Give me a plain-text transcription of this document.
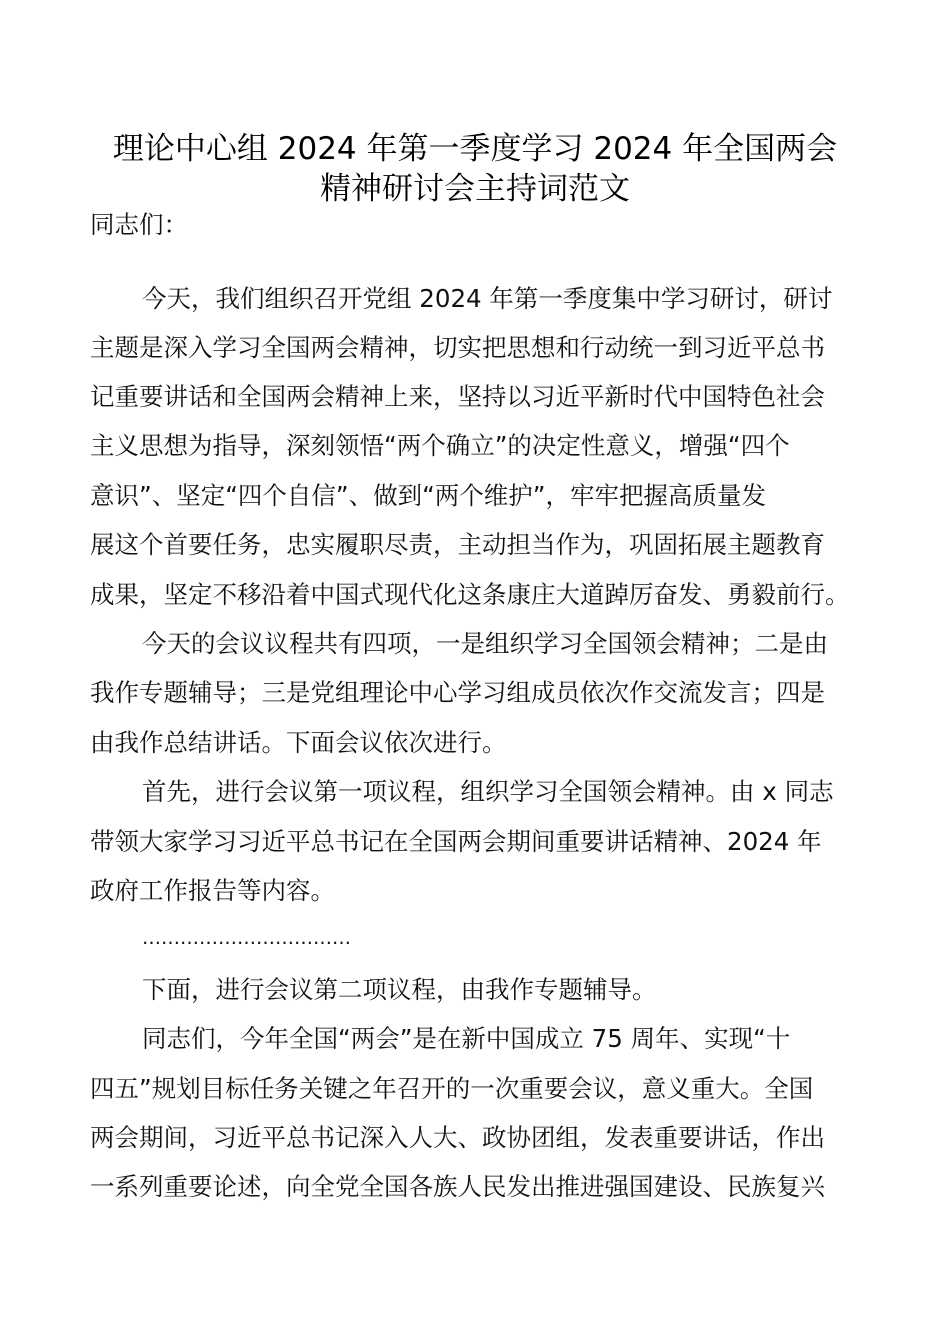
理论中心组 2024 年第一季度学习 2024 年全国两会
精神研讨会主持词范文

同志们：

今天，我们组织召开党组 2024 年第一季度集中学习研讨，研讨

主题是深入学习全国两会精神，切实把思想和行动统一到习近平总书

记重要讲话和全国两会精神上来，坚持以习近平新时代中国特色社会

主义思想为指导，深刻领悟“两个确立”的决定性意义，增强“四个

意识”、坚定“四个自信”、做到“两个维护”，牢牢把握高质量发

展这个首要任务，忠实履职尽责，主动担当作为，巩固拓展主题教育

成果，坚定不移沿着中国式现代化这条康庄大道踔厉奋发、勇毅前行。

今天的会议议程共有四项，一是组织学习全国领会精神；二是由

我作专题辅导；三是党组理论中心学习组成员依次作交流发言；四是

由我作总结讲话。下面会议依次进行。

首先，进行会议第一项议程，组织学习全国领会精神。由 x 同志

带领大家学习习近平总书记在全国两会期间重要讲话精神、2024 年

政府工作报告等内容。

……………………………

下面，进行会议第二项议程，由我作专题辅导。

同志们，今年全国“两会”是在新中国成立 75 周年、实现“十

四五”规划目标任务关键之年召开的一次重要会议，意义重大。全国

两会期间，习近平总书记深入人大、政协团组，发表重要讲话，作出

一系列重要论述，向全党全国各族人民发出推进强国建设、民族复兴
